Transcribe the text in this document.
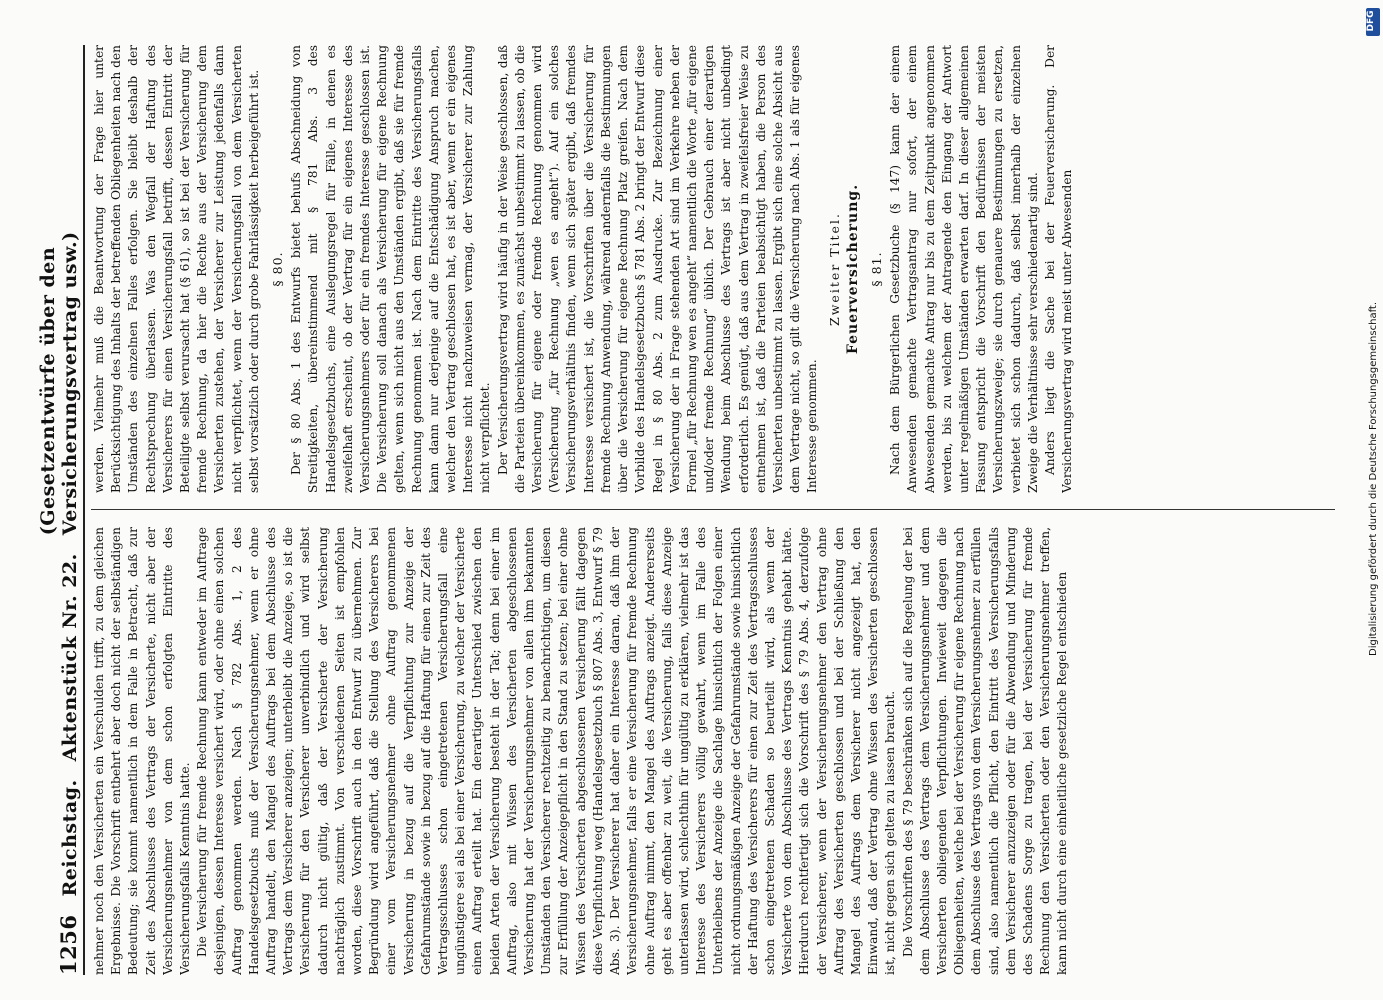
1256
Reichstag.
Aktenstück Nr. 22.
(Gesetzentwürfe über den Versicherungsvertrag usw.)

nehmer noch den Versicherten ein Verschulden trifft, zu dem gleichen Ergebnisse. Die Vorschrift entbehrt aber doch nicht der selbständigen Bedeutung; sie kommt namentlich in dem Falle in Betracht, daß zur Zeit des Abschlusses des Vertrags der Versicherte, nicht aber der Versicherungsnehmer von dem schon erfolgten Eintritte des Versicherungsfalls Kenntnis hatte. Die Versicherung für fremde Rechnung kann entweder im Auftrage desjenigen, dessen Interesse versichert wird, oder ohne einen solchen Auftrag genommen werden. Nach § 782 Abs. 1, 2 des Handelsgesetzbuchs muß der Versicherungsnehmer, wenn er ohne Auftrag handelt, den Mangel des Auftrags bei dem Abschlusse des Vertrags dem Versicherer anzeigen; unterbleibt die Anzeige, so ist die Versicherung für den Versicherer unverbindlich und wird selbst dadurch nicht gültig, daß der Versicherte der Versicherung nachträglich zustimmt. Von verschiedenen Seiten ist empfohlen worden, diese Vorschrift auch in den Entwurf zu übernehmen. Zur Begründung wird angeführt, daß die Stellung des Versicherers bei einer vom Versicherungsnehmer ohne Auftrag genommenen Versicherung in bezug auf die Verpflichtung zur Anzeige der Gefahrumstände sowie in bezug auf die Haftung für einen zur Zeit des Vertragsschlusses schon eingetretenen Versicherungsfall eine ungünstigere sei als bei einer Versicherung, zu welcher der Versicherte einen Auftrag erteilt hat. Ein derartiger Unterschied zwischen den beiden Arten der Versicherung besteht in der Tat; denn bei einer im Auftrag, also mit Wissen des Versicherten abgeschlossenen Versicherung hat der Versicherungsnehmer von allen ihm bekannten Umständen den Versicherer rechtzeitig zu benachrichtigen, um diesen zur Erfüllung der Anzeigepflicht in den Stand zu setzen; bei einer ohne Wissen des Versicherten abgeschlossenen Versicherung fällt dagegen diese Verpflichtung weg (Handelsgesetzbuch § 807 Abs. 3, Entwurf § 79 Abs. 3). Der Versicherer hat daher ein Interesse daran, daß ihm der Versicherungsnehmer, falls er eine Versicherung für fremde Rechnung ohne Auftrag nimmt, den Mangel des Auftrags anzeigt. Andererseits geht es aber offenbar zu weit, die Versicherung, falls diese Anzeige unterlassen wird, schlechthin für ungültig zu erklären, vielmehr ist das Interesse des Versicherers völlig gewahrt, wenn im Falle des Unterbleibens der Anzeige die Sachlage hinsichtlich der Folgen einer nicht ordnungsmäßigen Anzeige der Gefahrumstände sowie hinsichtlich der Haftung des Versicherers für einen zur Zeit des Vertragsschlusses schon eingetretenen Schaden so beurteilt wird, als wenn der Versicherte von dem Abschlusse des Vertrags Kenntnis gehabt hätte. Hierdurch rechtfertigt sich die Vorschrift des § 79 Abs. 4, derzufolge der Versicherer, wenn der Versicherungsnehmer den Vertrag ohne Auftrag des Versicherten geschlossen und bei der Schließung den Mangel des Auftrags dem Versicherer nicht angezeigt hat, den Einwand, daß der Vertrag ohne Wissen des Versicherten geschlossen ist, nicht gegen sich gelten zu lassen braucht. Die Vorschriften des § 79 beschränken sich auf die Regelung der bei dem Abschlusse des Vertrags dem Versicherungsnehmer und dem Versicherten obliegenden Verpflichtungen. Inwieweit dagegen die Obliegenheiten, welche bei der Versicherung für eigene Rechnung nach dem Abschlusse des Vertrags von dem Versicherungsnehmer zu erfüllen sind, also namentlich die Pflicht, den Eintritt des Versicherungsfalls dem Versicherer anzuzeigen oder für die Abwendung und Minderung des Schadens Sorge zu tragen, bei der Versicherung für fremde Rechnung den Versicherten oder den Versicherungsnehmer treffen, kann nicht durch eine einheitliche gesetzliche Regel entschieden

werden. Vielmehr muß die Beantwortung der Frage hier unter Berücksichtigung des Inhalts der betreffenden Obliegenheiten nach den Umständen des einzelnen Falles erfolgen. Sie bleibt deshalb der Rechtsprechung überlassen. Was den Wegfall der Haftung des Versicherers für einen Versicherungsfall betrifft, dessen Eintritt der Beteiligte selbst verursacht hat (§ 61), so ist bei der Versicherung für fremde Rechnung, da hier die Rechte aus der Versicherung dem Versicherten zustehen, der Versicherer zur Leistung jedenfalls dann nicht verpflichtet, wenn der Versicherungsfall von dem Versicherten selbst vorsätzlich oder durch grobe Fahrlässigkeit herbeigeführt ist. § 80. Der § 80 Abs. 1 des Entwurfs bietet behufs Abschneidung von Streitigkeiten, übereinstimmend mit § 781 Abs. 3 des Handelsgesetzbuchs, eine Auslegungsregel für Fälle, in denen es zweifelhaft erscheint, ob der Vertrag für ein eigenes Interesse des Versicherungsnehmers oder für ein fremdes Interesse geschlossen ist. Die Versicherung soll danach als Versicherung für eigene Rechnung gelten, wenn sich nicht aus den Umständen ergibt, daß sie für fremde Rechnung genommen ist. Nach dem Eintritte des Versicherungsfalls kann dann nur derjenige auf die Entschädigung Anspruch machen, welcher den Vertrag geschlossen hat, es ist aber, wenn er ein eigenes Interesse nicht nachzuweisen vermag, der Versicherer zur Zahlung nicht verpflichtet. Der Versicherungsvertrag wird häufig in der Weise geschlossen, daß die Parteien übereinkommen, es zunächst unbestimmt zu lassen, ob die Versicherung für eigene oder fremde Rechnung genommen wird (Versicherung „für Rechnung „wen es angeht“). Auf ein solches Versicherungsverhältnis finden, wenn sich später ergibt, daß fremdes Interesse versichert ist, die Vorschriften über die Versicherung für fremde Rechnung Anwendung, während andernfalls die Bestimmungen über die Versicherung für eigene Rechnung Platz greifen. Nach dem Vorbilde des Handelsgesetzbuchs § 781 Abs. 2 bringt der Entwurf diese Regel in § 80 Abs. 2 zum Ausdrucke. Zur Bezeichnung einer Versicherung der in Frage stehenden Art sind im Verkehre neben der Formel „für Rechnung wen es angeht“ namentlich die Worte „für eigene und/oder fremde Rechnung“ üblich. Der Gebrauch einer derartigen Wendung beim Abschlusse des Vertrags ist aber nicht unbedingt erforderlich. Es genügt, daß aus dem Vertrag in zweifelsfreier Weise zu entnehmen ist, daß die Parteien beabsichtigt haben, die Person des Versicherten unbestimmt zu lassen. Ergibt sich eine solche Absicht aus dem Vertrage nicht, so gilt die Versicherung nach Abs. 1 als für eigenes Interesse genommen.

Zweiter Titel. Feuerversicherung. § 81. Nach dem Bürgerlichen Gesetzbuche (§ 147) kann der einem Anwesenden gemachte Vertragsantrag nur sofort, der einem Abwesenden gemachte Antrag nur bis zu dem Zeitpunkt angenommen werden, bis zu welchem der Antragende den Eingang der Antwort unter regelmäßigen Umständen erwarten darf. In dieser allgemeinen Fassung entspricht die Vorschrift den Bedürfnissen der meisten Versicherungszweige; sie durch genauere Bestimmungen zu ersetzen, verbietet sich schon dadurch, daß selbst innerhalb der einzelnen Zweige die Verhältnisse sehr verschiedenartig sind. Anders liegt die Sache bei der Feuerversicherung. Der Versicherungsvertrag wird meist unter Abwesenden

DFG
Digitalisierung gefördert durch die Deutsche Forschungsgemeinschaft.
